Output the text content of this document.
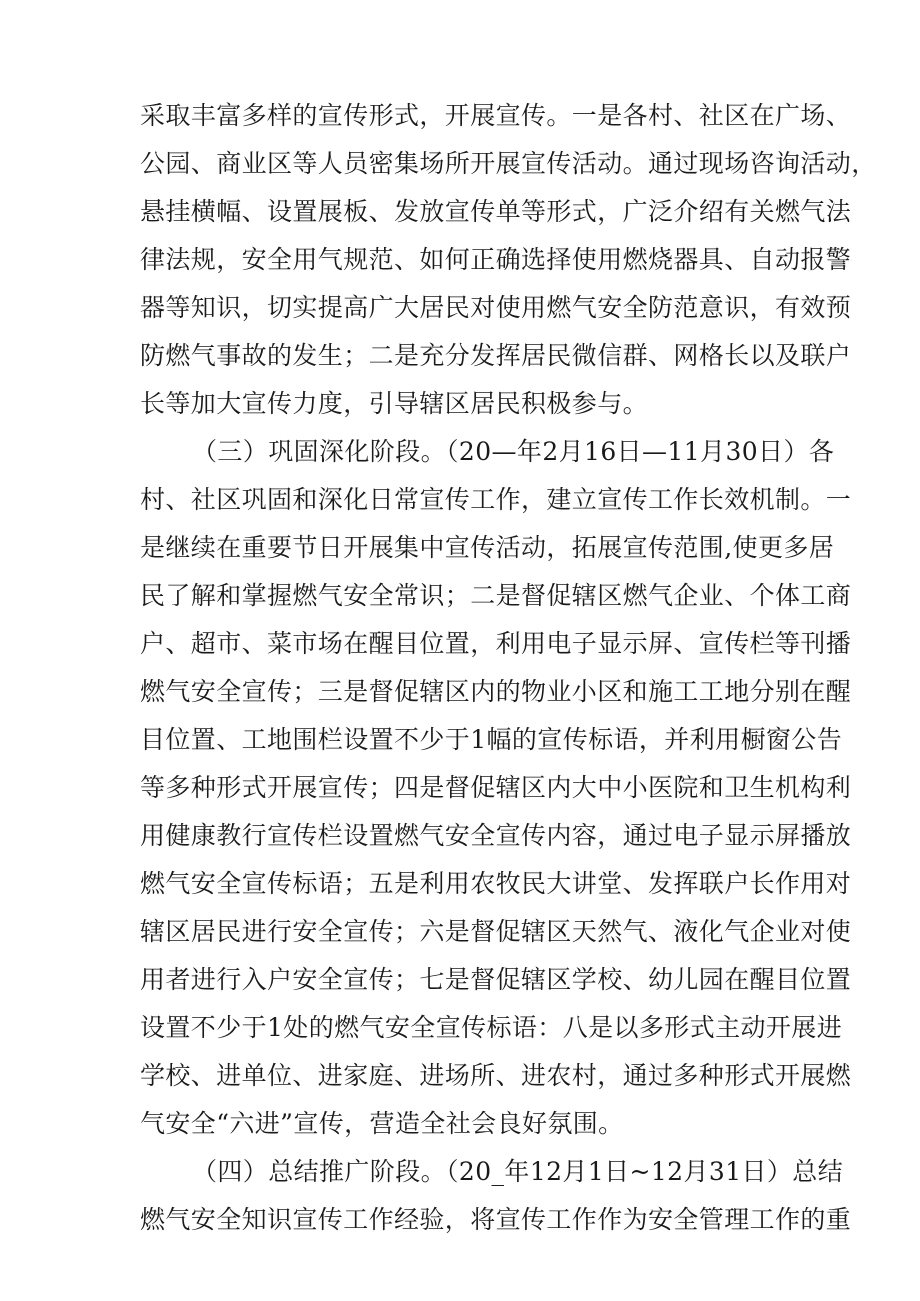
采取丰富多样的宣传形式，开展宣传。一是各村、社区在广场、
公园、商业区等人员密集场所开展宣传活动。通过现场咨询活动，
悬挂横幅、设置展板、发放宣传单等形式，广泛介绍有关燃气法
律法规，安全用气规范、如何正确选择使用燃烧器具、自动报警
器等知识，切实提高广大居民对使用燃气安全防范意识，有效预
防燃气事故的发生；二是充分发挥居民微信群、网格长以及联户
长等加大宣传力度，引导辖区居民积极参与。
（三）巩固深化阶段。（20—年2月16日—11月30日）各
村、社区巩固和深化日常宣传工作，建立宣传工作长效机制。一
是继续在重要节日开展集中宣传活动，拓展宣传范围,使更多居
民了解和掌握燃气安全常识；二是督促辖区燃气企业、个体工商
户、超市、菜市场在醒目位置，利用电子显示屏、宣传栏等刊播
燃气安全宣传；三是督促辖区内的物业小区和施工工地分别在醒
目位置、工地围栏设置不少于1幅的宣传标语，并利用橱窗公告
等多种形式开展宣传；四是督促辖区内大中小医院和卫生机构利
用健康教行宣传栏设置燃气安全宣传内容，通过电子显示屏播放
燃气安全宣传标语；五是利用农牧民大讲堂、发挥联户长作用对
辖区居民进行安全宣传；六是督促辖区天然气、液化气企业对使
用者进行入户安全宣传；七是督促辖区学校、幼儿园在醒目位置
设置不少于1处的燃气安全宣传标语：八是以多形式主动开展进
学校、进单位、进家庭、进场所、进农村，通过多种形式开展燃
气安全“六进”宣传，营造全社会良好氛围。
（四）总结推广阶段。（20_年12月1日~12月31日）总结
燃气安全知识宣传工作经验，将宣传工作作为安全管理工作的重
